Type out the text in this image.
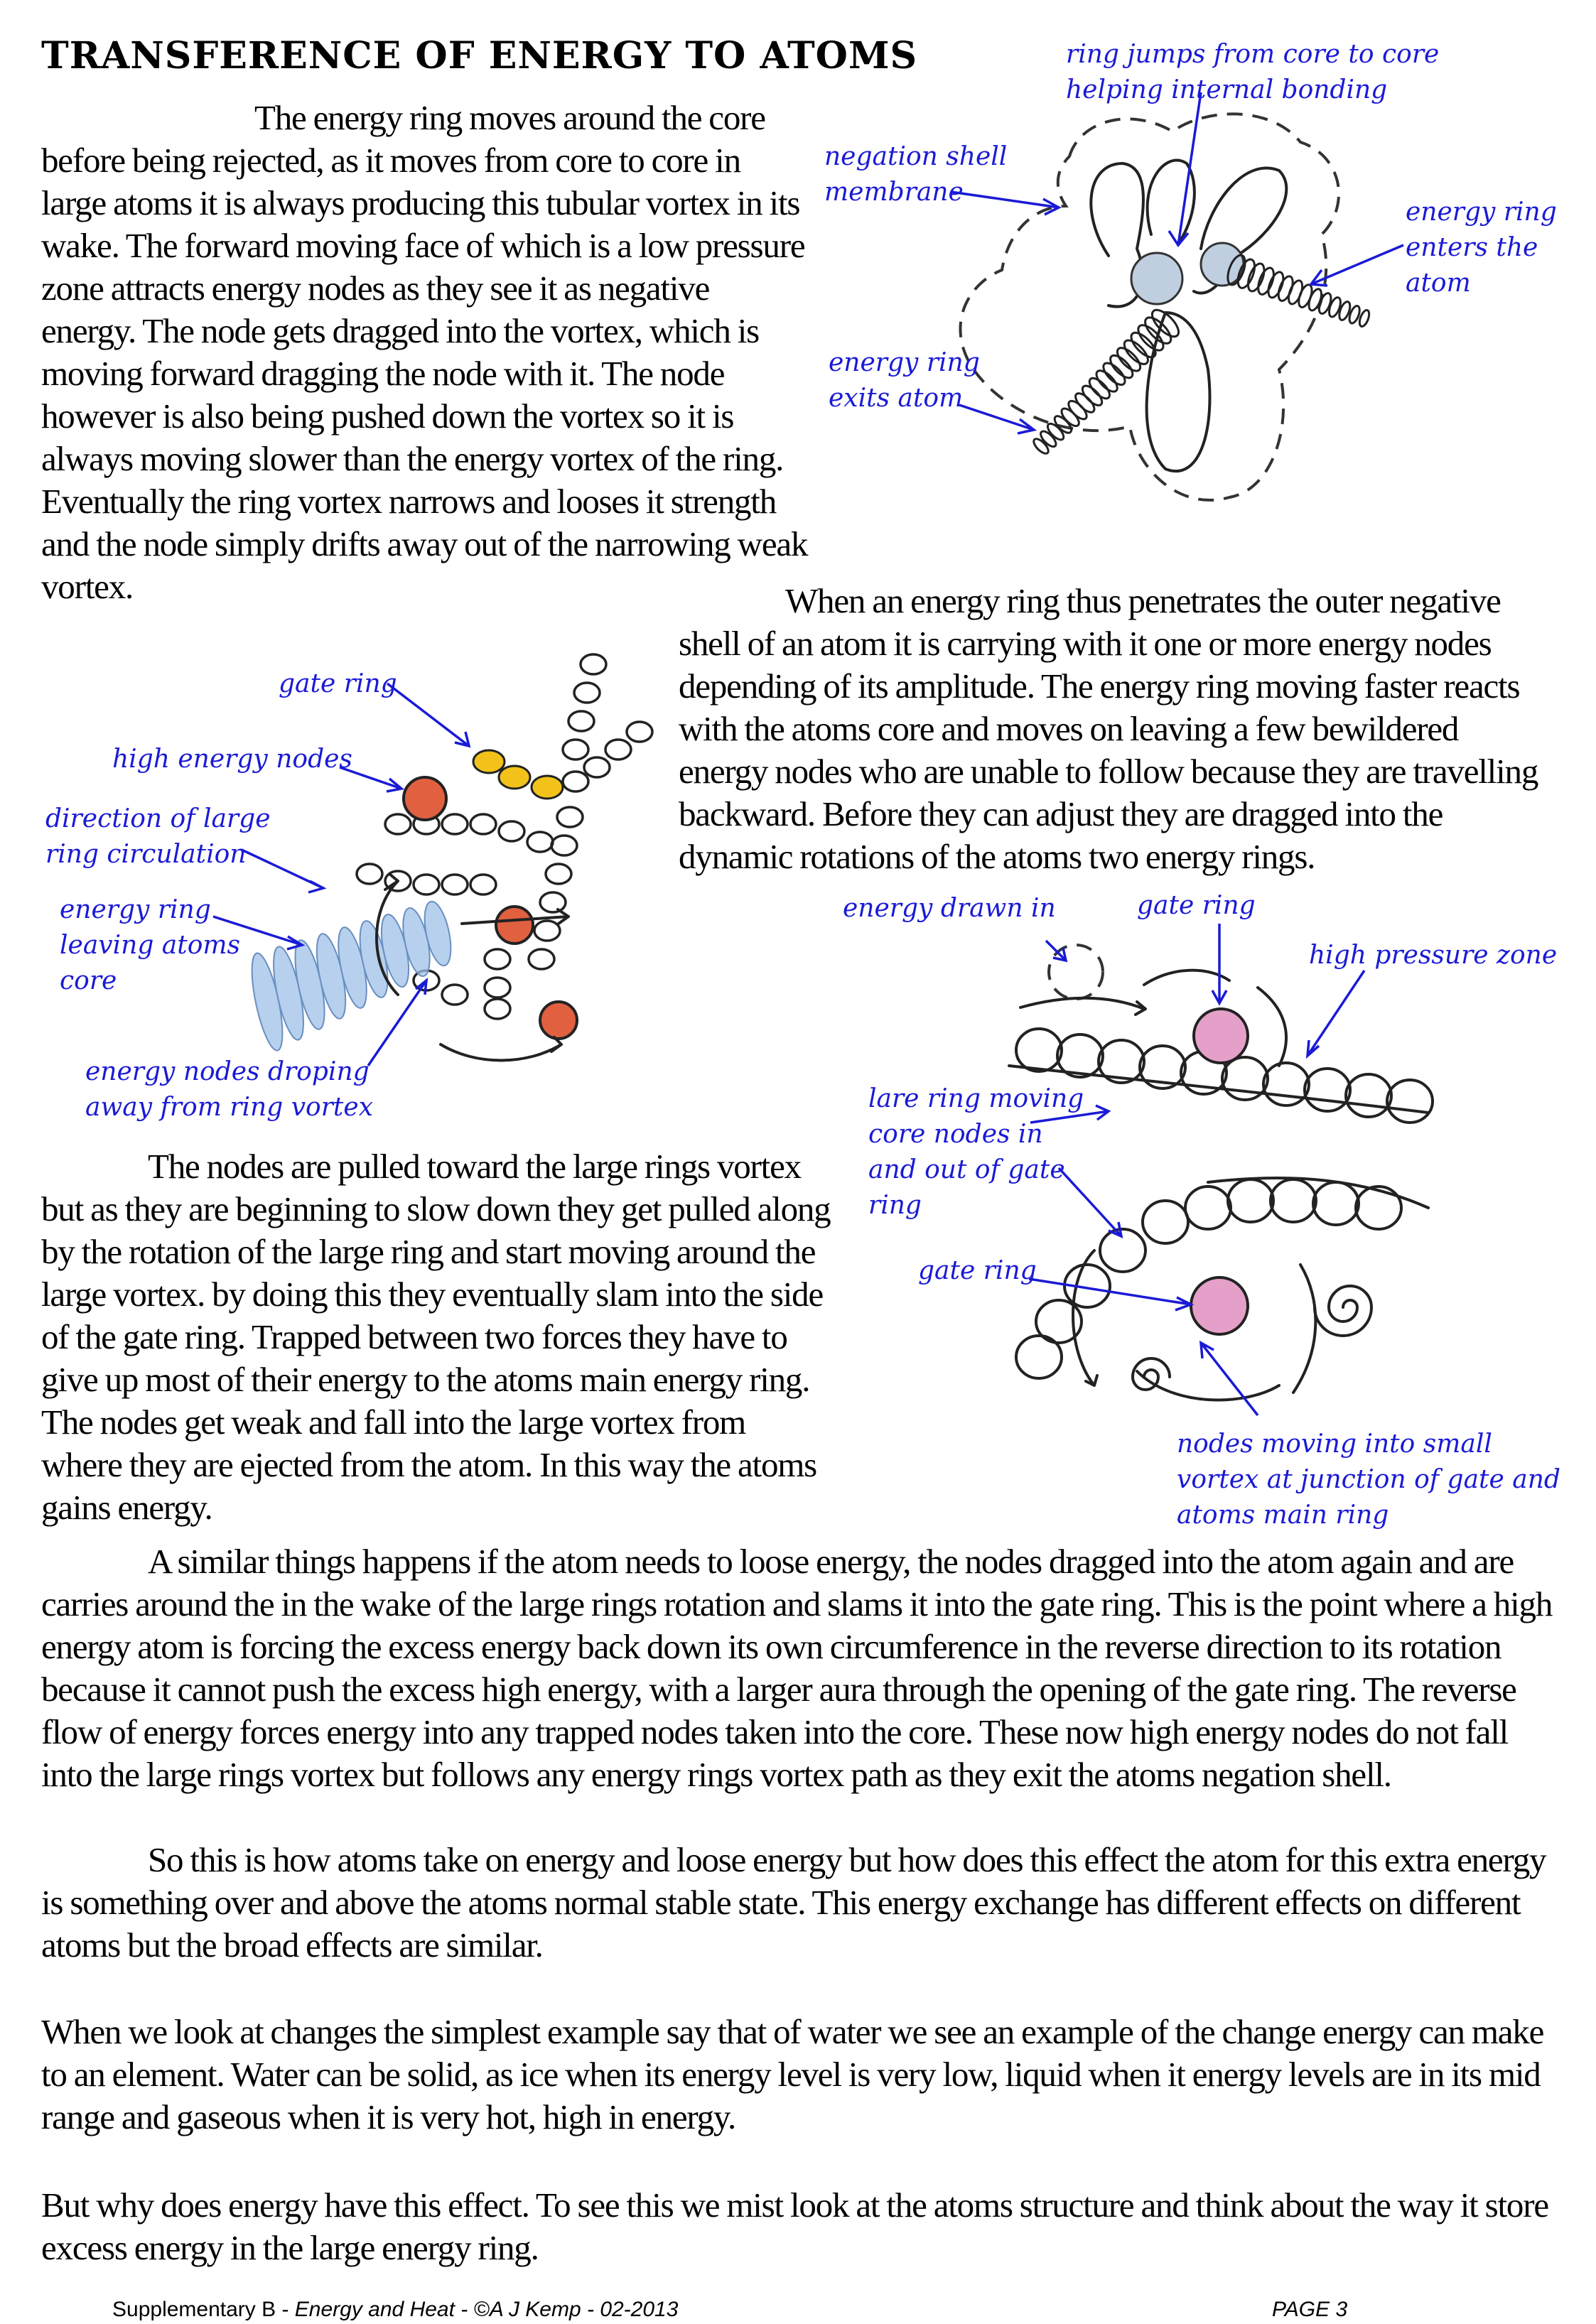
TRANSFERENCE OF ENERGY TO ATOMS

The energy ring moves around the core before being rejected, as it moves from core to core in large atoms it is always producing this tubular vortex in its wake. The forward moving face of which is a low pressure zone attracts energy nodes as they see it as negative energy. The node gets dragged into the vortex, which is moving forward dragging the node with it. The node however is also being pushed down the vortex so it is always moving slower than the energy vortex of the ring. Eventually the ring vortex narrows and looses it strength and the node simply drifts away out of the narrowing weak vortex.	When an energy ring thus penetrates the outer negative shell of an atom it is carrying with it one or more energy nodes depending of its amplitude. The energy ring moving faster reacts with the atoms core and moves on leaving a few bewildered energy nodes who are unable to follow because they are travelling backward. Before they can adjust they are dragged into the dynamic rotations of the atoms two energy rings.

The nodes are pulled toward the large rings vortex but as they are beginning to slow down they get pulled along by the rotation of the large ring and start moving around the large vortex. by doing this they eventually slam into the side of the gate ring. Trapped between two forces they have to give up most of their energy to the atoms main energy ring. The nodes get weak and fall into the large vortex from where they are ejected from the atom. In this way the atoms gains energy.

A similar things happens if the atom needs to loose energy, the nodes dragged into the atom again and are carries around the in the wake of the large rings rotation and slams it into the gate ring. This is the point where a high energy atom is forcing the excess energy back down its own circumference in the reverse direction to its rotation because it cannot push the excess high energy, with a larger aura through the opening of the gate ring. The reverse flow of energy forces energy into any trapped nodes taken into the core. These now high energy nodes do not fall into the large rings vortex but follows any energy rings vortex path as they exit the atoms negation shell.

So this is how atoms take on energy and loose energy but how does this effect the atom for this extra energy is something over and above the atoms normal stable state. This energy exchange has different effects on different atoms but the broad effects are similar.

When we look at changes the simplest example say that of water we see an example of the change energy can make to an element. Water can be solid, as ice when its energy level is very low, liquid when it energy levels are in its mid range and gaseous when it is very hot, high in energy.

But why does energy have this effect. To see this we mist look at the atoms structure and think about the way it store excess energy in the large energy ring.

ring jumps from core to core
helping internal bonding

negation shell
membrane

energy ring
enters the
atom

energy ring
exits atom

gate ring

high energy nodes

direction of large
ring circulation

energy ring
leaving atoms
core

energy nodes droping
away from ring vortex

energy drawn in	gate ring

high pressure zone

lare ring moving
core nodes in
and out of gate
ring

gate ring

nodes moving into small
vortex at junction of gate and
atoms main ring

Supplementary B - Energy and Heat - ©A J Kemp - 02-2013	PAGE 3
